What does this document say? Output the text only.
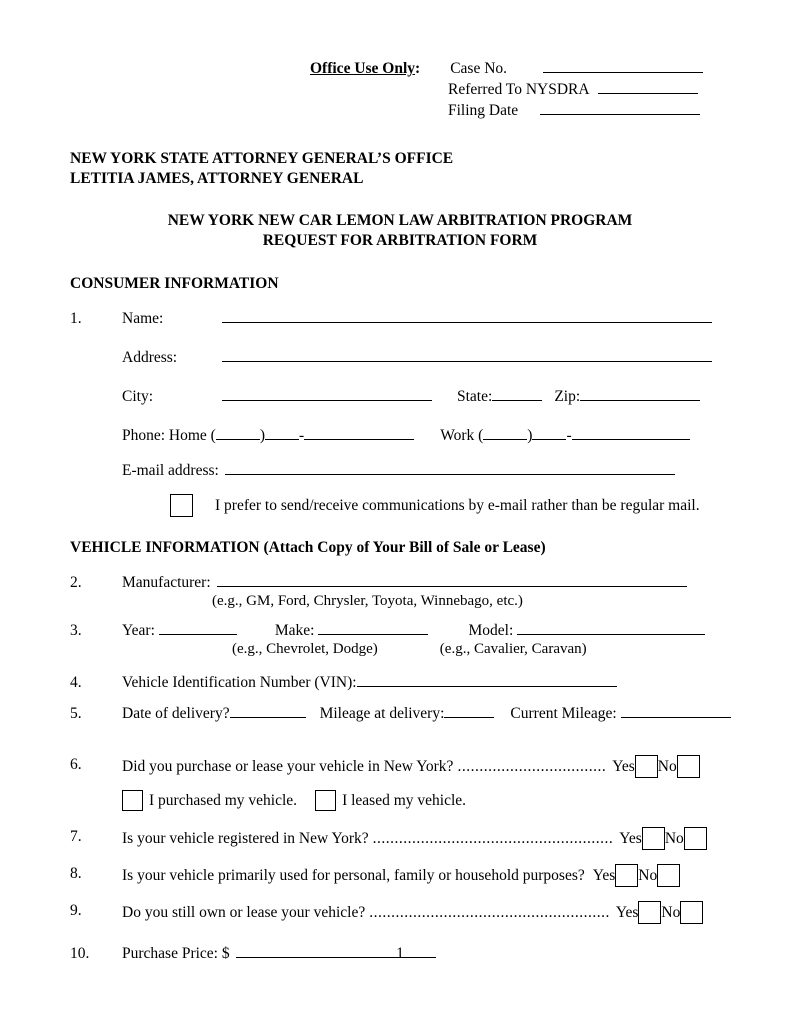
Office Use Only : Case No.
Referred To NYSDRA
Filing Date
NEW YORK STATE ATTORNEY GENERAL’S OFFICE
LETITIA JAMES, ATTORNEY GENERAL
NEW YORK NEW CAR LEMON LAW ARBITRATION PROGRAM
REQUEST FOR ARBITRATION FORM
CONSUMER INFORMATION
1.	Name:
Address:
City:	State:	Zip:
Phone: Home (	) -	Work (	) -
E-mail address:
I prefer to send/receive communications by e-mail rather than be regular mail.
VEHICLE INFORMATION (Attach Copy of Your Bill of Sale or Lease)
2.	Manufacturer:
(e.g., GM, Ford, Chrysler, Toyota, Winnebago, etc.)
3.	Year:	Make:	Model:
(e.g., Chevrolet, Dodge)	(e.g., Cavalier, Caravan)
4.	Vehicle Identification Number (VIN):
5.	Date of delivery?	Mileage at delivery:	Current Mileage:
6.	Did you purchase or lease your vehicle in New York? .................................. Yes No
I purchased my vehicle.	I leased my vehicle.
7.	Is your vehicle registered in New York? ....................................................... Yes No
8.	Is your vehicle primarily used for personal, family or household purposes? Yes No
9.	Do you still own or lease your vehicle? ....................................................... Yes No
10.	Purchase Price: $	1
